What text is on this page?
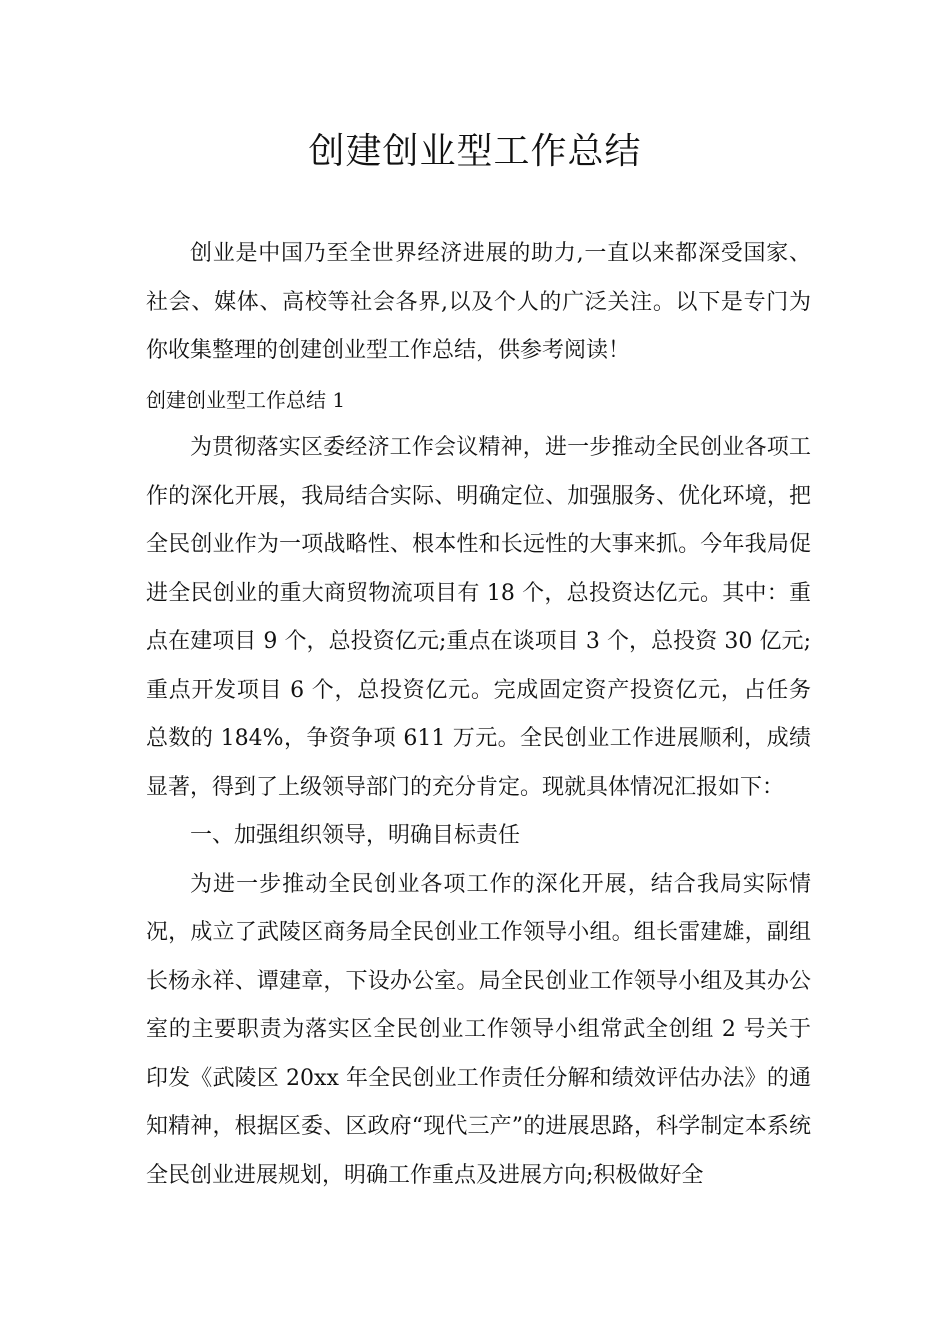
创建创业型工作总结

创业是中国乃至全世界经济进展的助力,一直以来都深受国家、社会、媒体、高校等社会各界,以及个人的广泛关注。以下是专门为你收集整理的创建创业型工作总结，供参考阅读！

创建创业型工作总结 1

为贯彻落实区委经济工作会议精神，进一步推动全民创业各项工作的深化开展，我局结合实际、明确定位、加强服务、优化环境，把全民创业作为一项战略性、根本性和长远性的大事来抓。今年我局促进全民创业的重大商贸物流项目有 18 个，总投资达亿元。其中：重点在建项目 9 个，总投资亿元;重点在谈项目 3 个，总投资 30 亿元;重点开发项目 6 个，总投资亿元。完成固定资产投资亿元，占任务总数的 184%，争资争项 611 万元。全民创业工作进展顺利，成绩显著，得到了上级领导部门的充分肯定。现就具体情况汇报如下：

一、加强组织领导，明确目标责任

为进一步推动全民创业各项工作的深化开展，结合我局实际情况，成立了武陵区商务局全民创业工作领导小组。组长雷建雄，副组长杨永祥、谭建章，下设办公室。局全民创业工作领导小组及其办公室的主要职责为落实区全民创业工作领导小组常武全创组 2 号关于印发《武陵区 20xx 年全民创业工作责任分解和绩效评估办法》的通知精神，根据区委、区政府“现代三产”的进展思路，科学制定本系统全民创业进展规划，明确工作重点及进展方向;积极做好全
